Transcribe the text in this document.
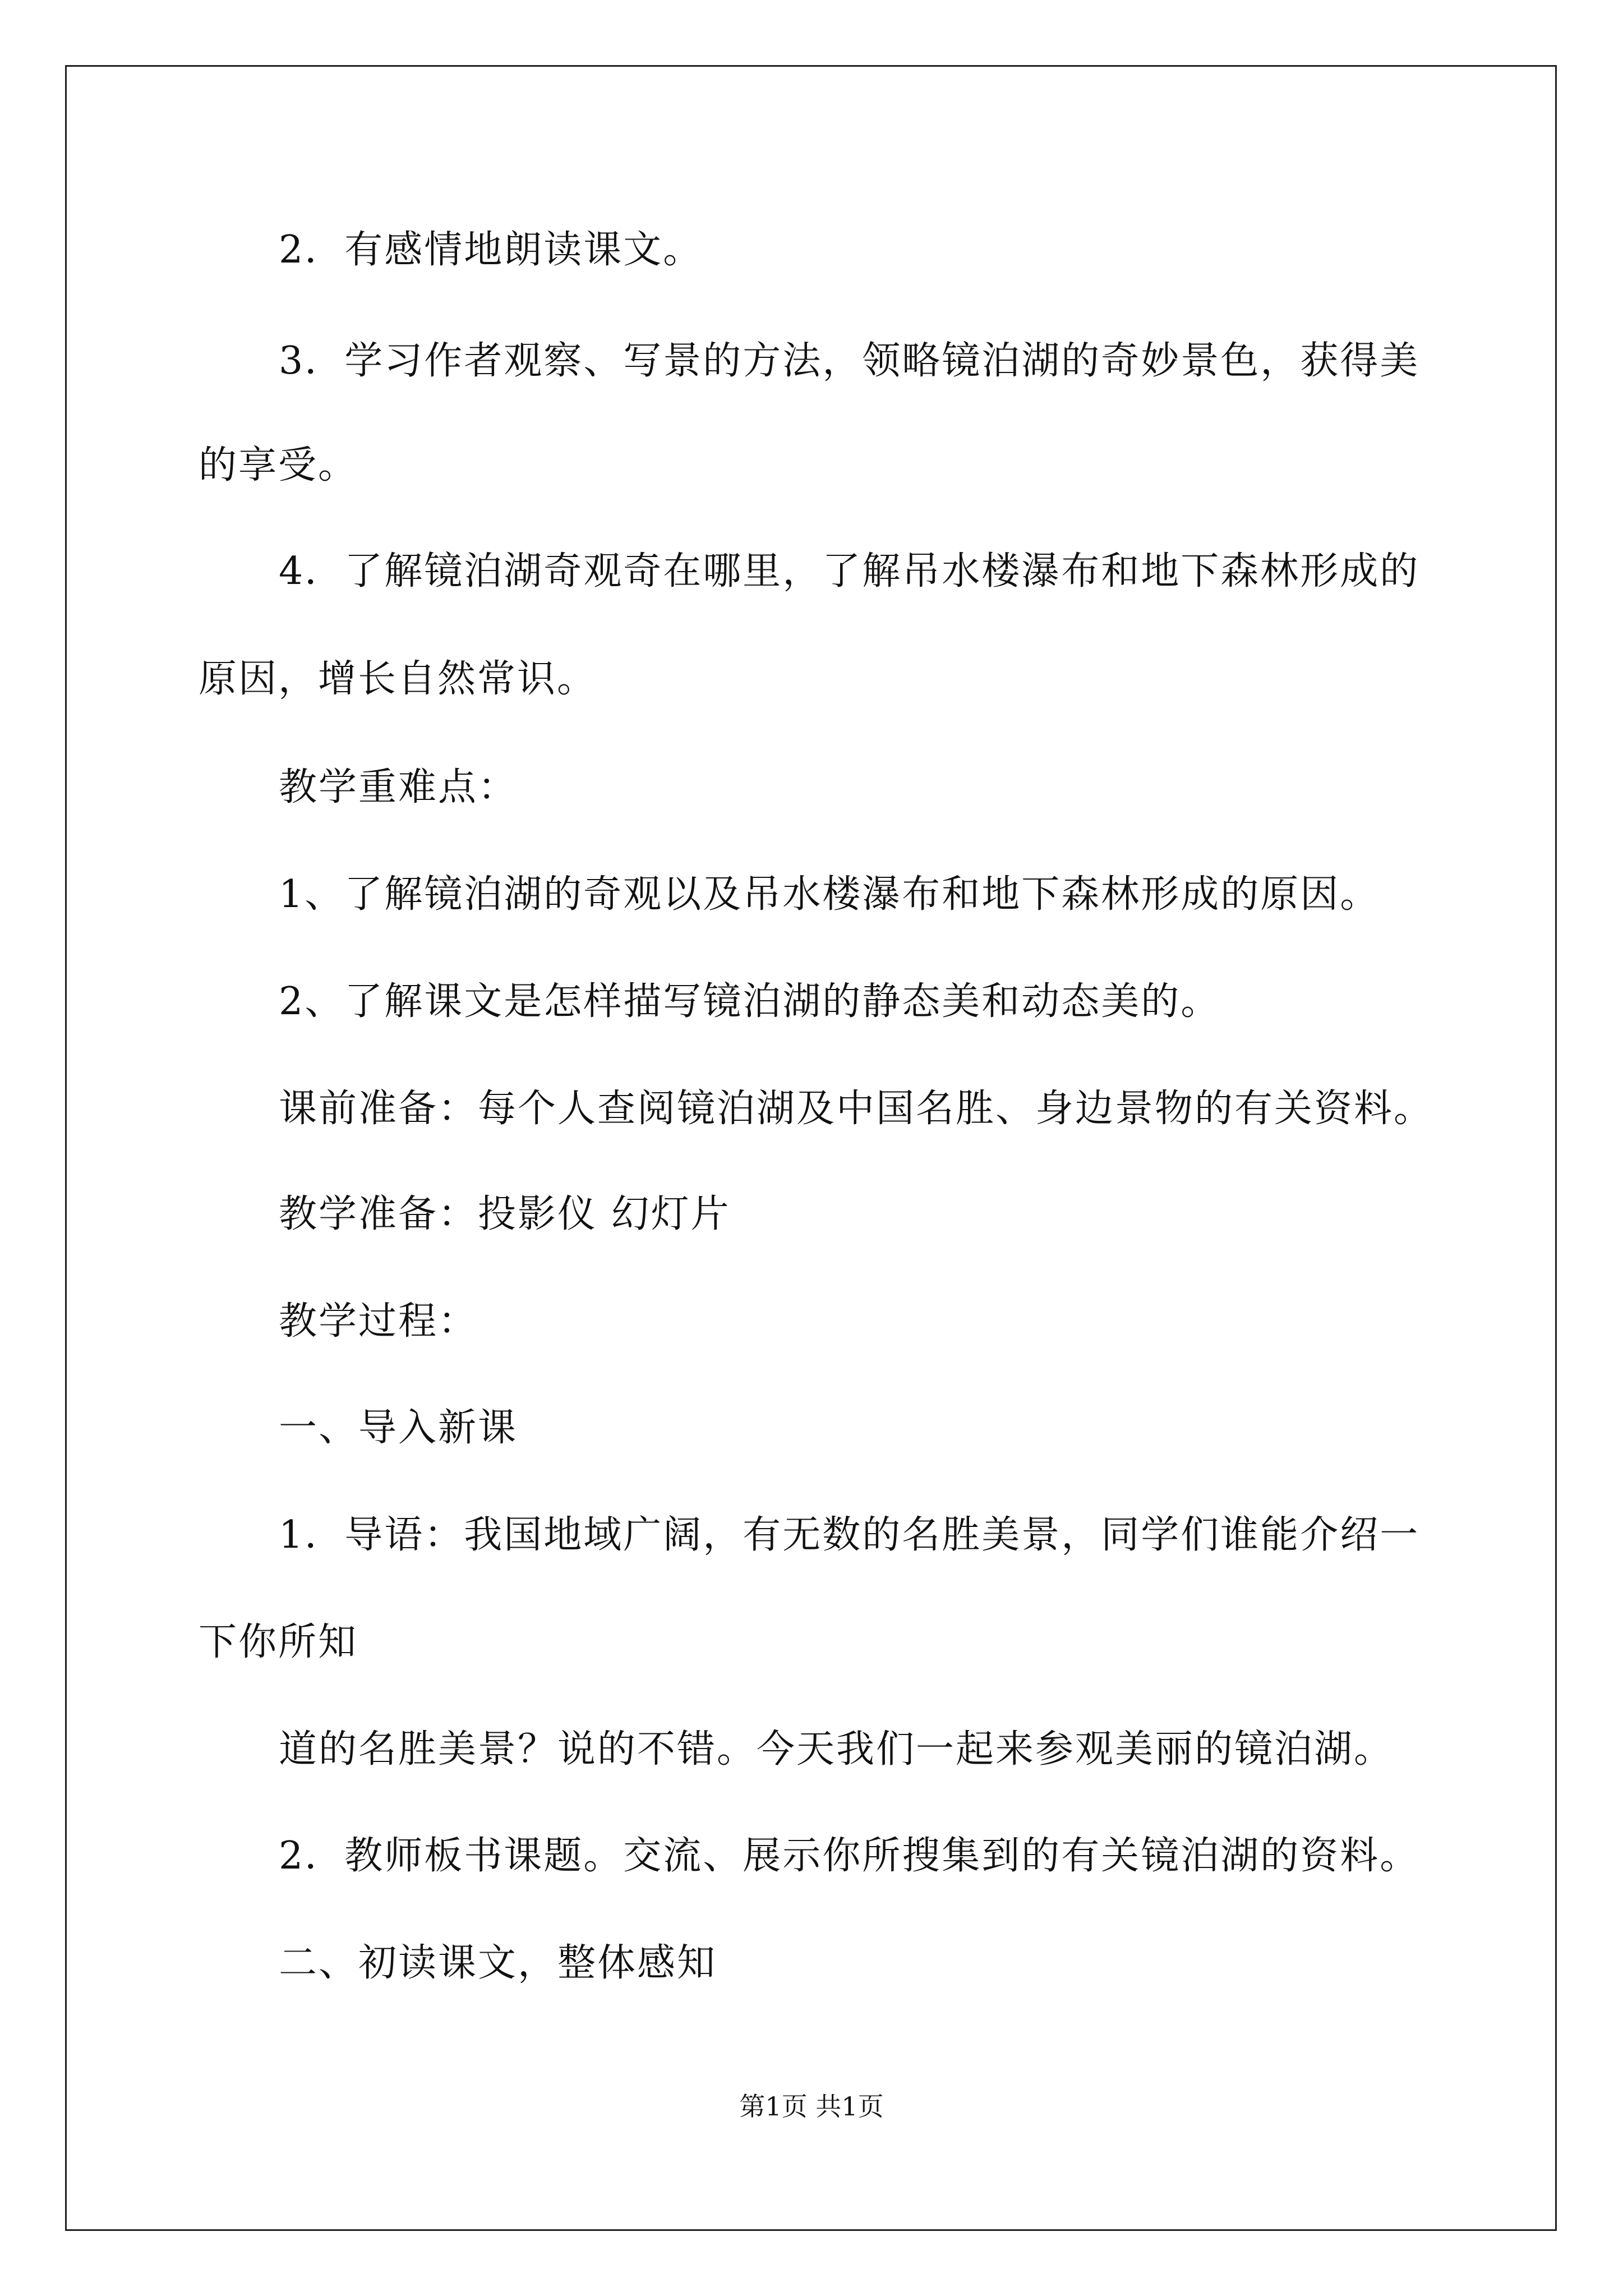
2．有感情地朗读课文。
3．学习作者观察、写景的方法，领略镜泊湖的奇妙景色，获得美
的享受。
4．了解镜泊湖奇观奇在哪里，了解吊水楼瀑布和地下森林形成的
原因，增长自然常识。
教学重难点：
1、了解镜泊湖的奇观以及吊水楼瀑布和地下森林形成的原因。
2、了解课文是怎样描写镜泊湖的静态美和动态美的。
课前准备：每个人查阅镜泊湖及中国名胜、身边景物的有关资料。
教学准备：投影仪 幻灯片
教学过程：
一、导入新课
1．导语：我国地域广阔，有无数的名胜美景，同学们谁能介绍一
下你所知
道的名胜美景？说的不错。今天我们一起来参观美丽的镜泊湖。
2．教师板书课题。交流、展示你所搜集到的有关镜泊湖的资料。
二、初读课文，整体感知
第1页 共1页
